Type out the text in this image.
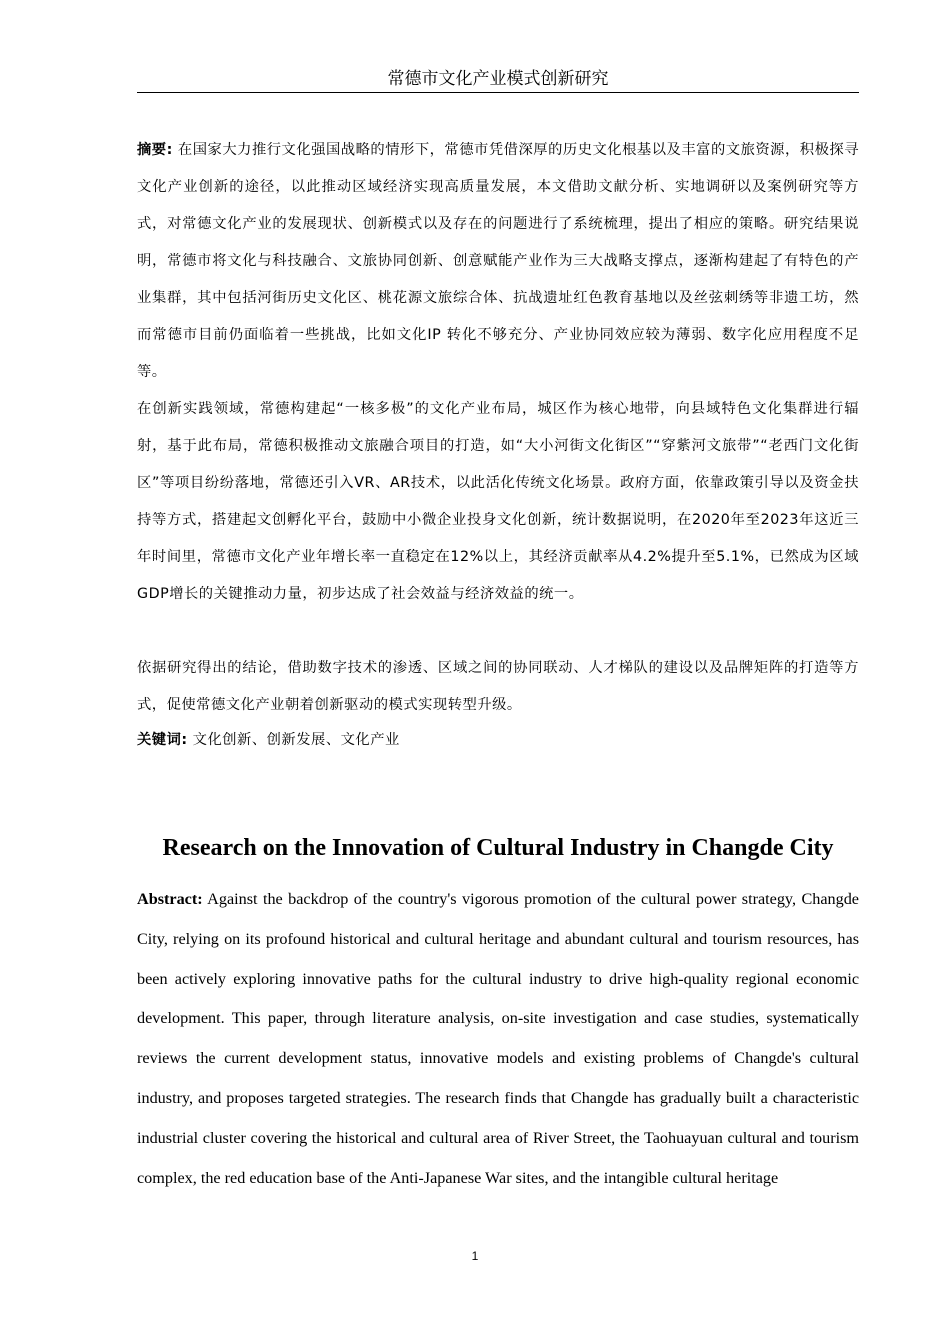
常德市文化产业模式创新研究

摘要: 在国家大力推行文化强国战略的情形下，常德市凭借深厚的历史文化根基以及丰富的文旅资源，积极探寻文化产业创新的途径，以此推动区域经济实现高质量发展，本文借助文献分析、实地调研以及案例研究等方式，对常德文化产业的发展现状、创新模式以及存在的问题进行了系统梳理，提出了相应的策略。研究结果说明，常德市将文化与科技融合、文旅协同创新、创意赋能产业作为三大战略支撑点，逐渐构建起了有特色的产业集群，其中包括河街历史文化区、桃花源文旅综合体、抗战遗址红色教育基地以及丝弦刺绣等非遗工坊，然而常德市目前仍面临着一些挑战，比如文化IP 转化不够充分、产业协同效应较为薄弱、数字化应用程度不足等。

在创新实践领域，常德构建起“一核多极”的文化产业布局，城区作为核心地带，向县域特色文化集群进行辐射，基于此布局，常德积极推动文旅融合项目的打造，如“大小河街文化街区”“穿紫河文旅带”“老西门文化街区”等项目纷纷落地，常德还引入VR、AR技术，以此活化传统文化场景。政府方面，依靠政策引导以及资金扶持等方式，搭建起文创孵化平台，鼓励中小微企业投身文化创新，统计数据说明，在2020年至2023年这近三年时间里，常德市文化产业年增长率一直稳定在12%以上，其经济贡献率从4.2%提升至5.1%，已然成为区域GDP增长的关键推动力量，初步达成了社会效益与经济效益的统一。

依据研究得出的结论，借助数字技术的渗透、区域之间的协同联动、人才梯队的建设以及品牌矩阵的打造等方式，促使常德文化产业朝着创新驱动的模式实现转型升级。

关键词: 文化创新、创新发展、文化产业

Research on the Innovation of Cultural Industry in Changde City

Abstract: Against the backdrop of the country's vigorous promotion of the cultural power strategy, Changde City, relying on its profound historical and cultural heritage and abundant cultural and tourism resources, has been actively exploring innovative paths for the cultural industry to drive high-quality regional economic development. This paper, through literature analysis, on-site investigation and case studies, systematically reviews the current development status, innovative models and existing problems of Changde's cultural industry, and proposes targeted strategies. The research finds that Changde has gradually built a characteristic industrial cluster covering the historical and cultural area of River Street, the Taohuayuan cultural and tourism complex, the red education base of the Anti-Japanese War sites, and the intangible cultural heritage

1
